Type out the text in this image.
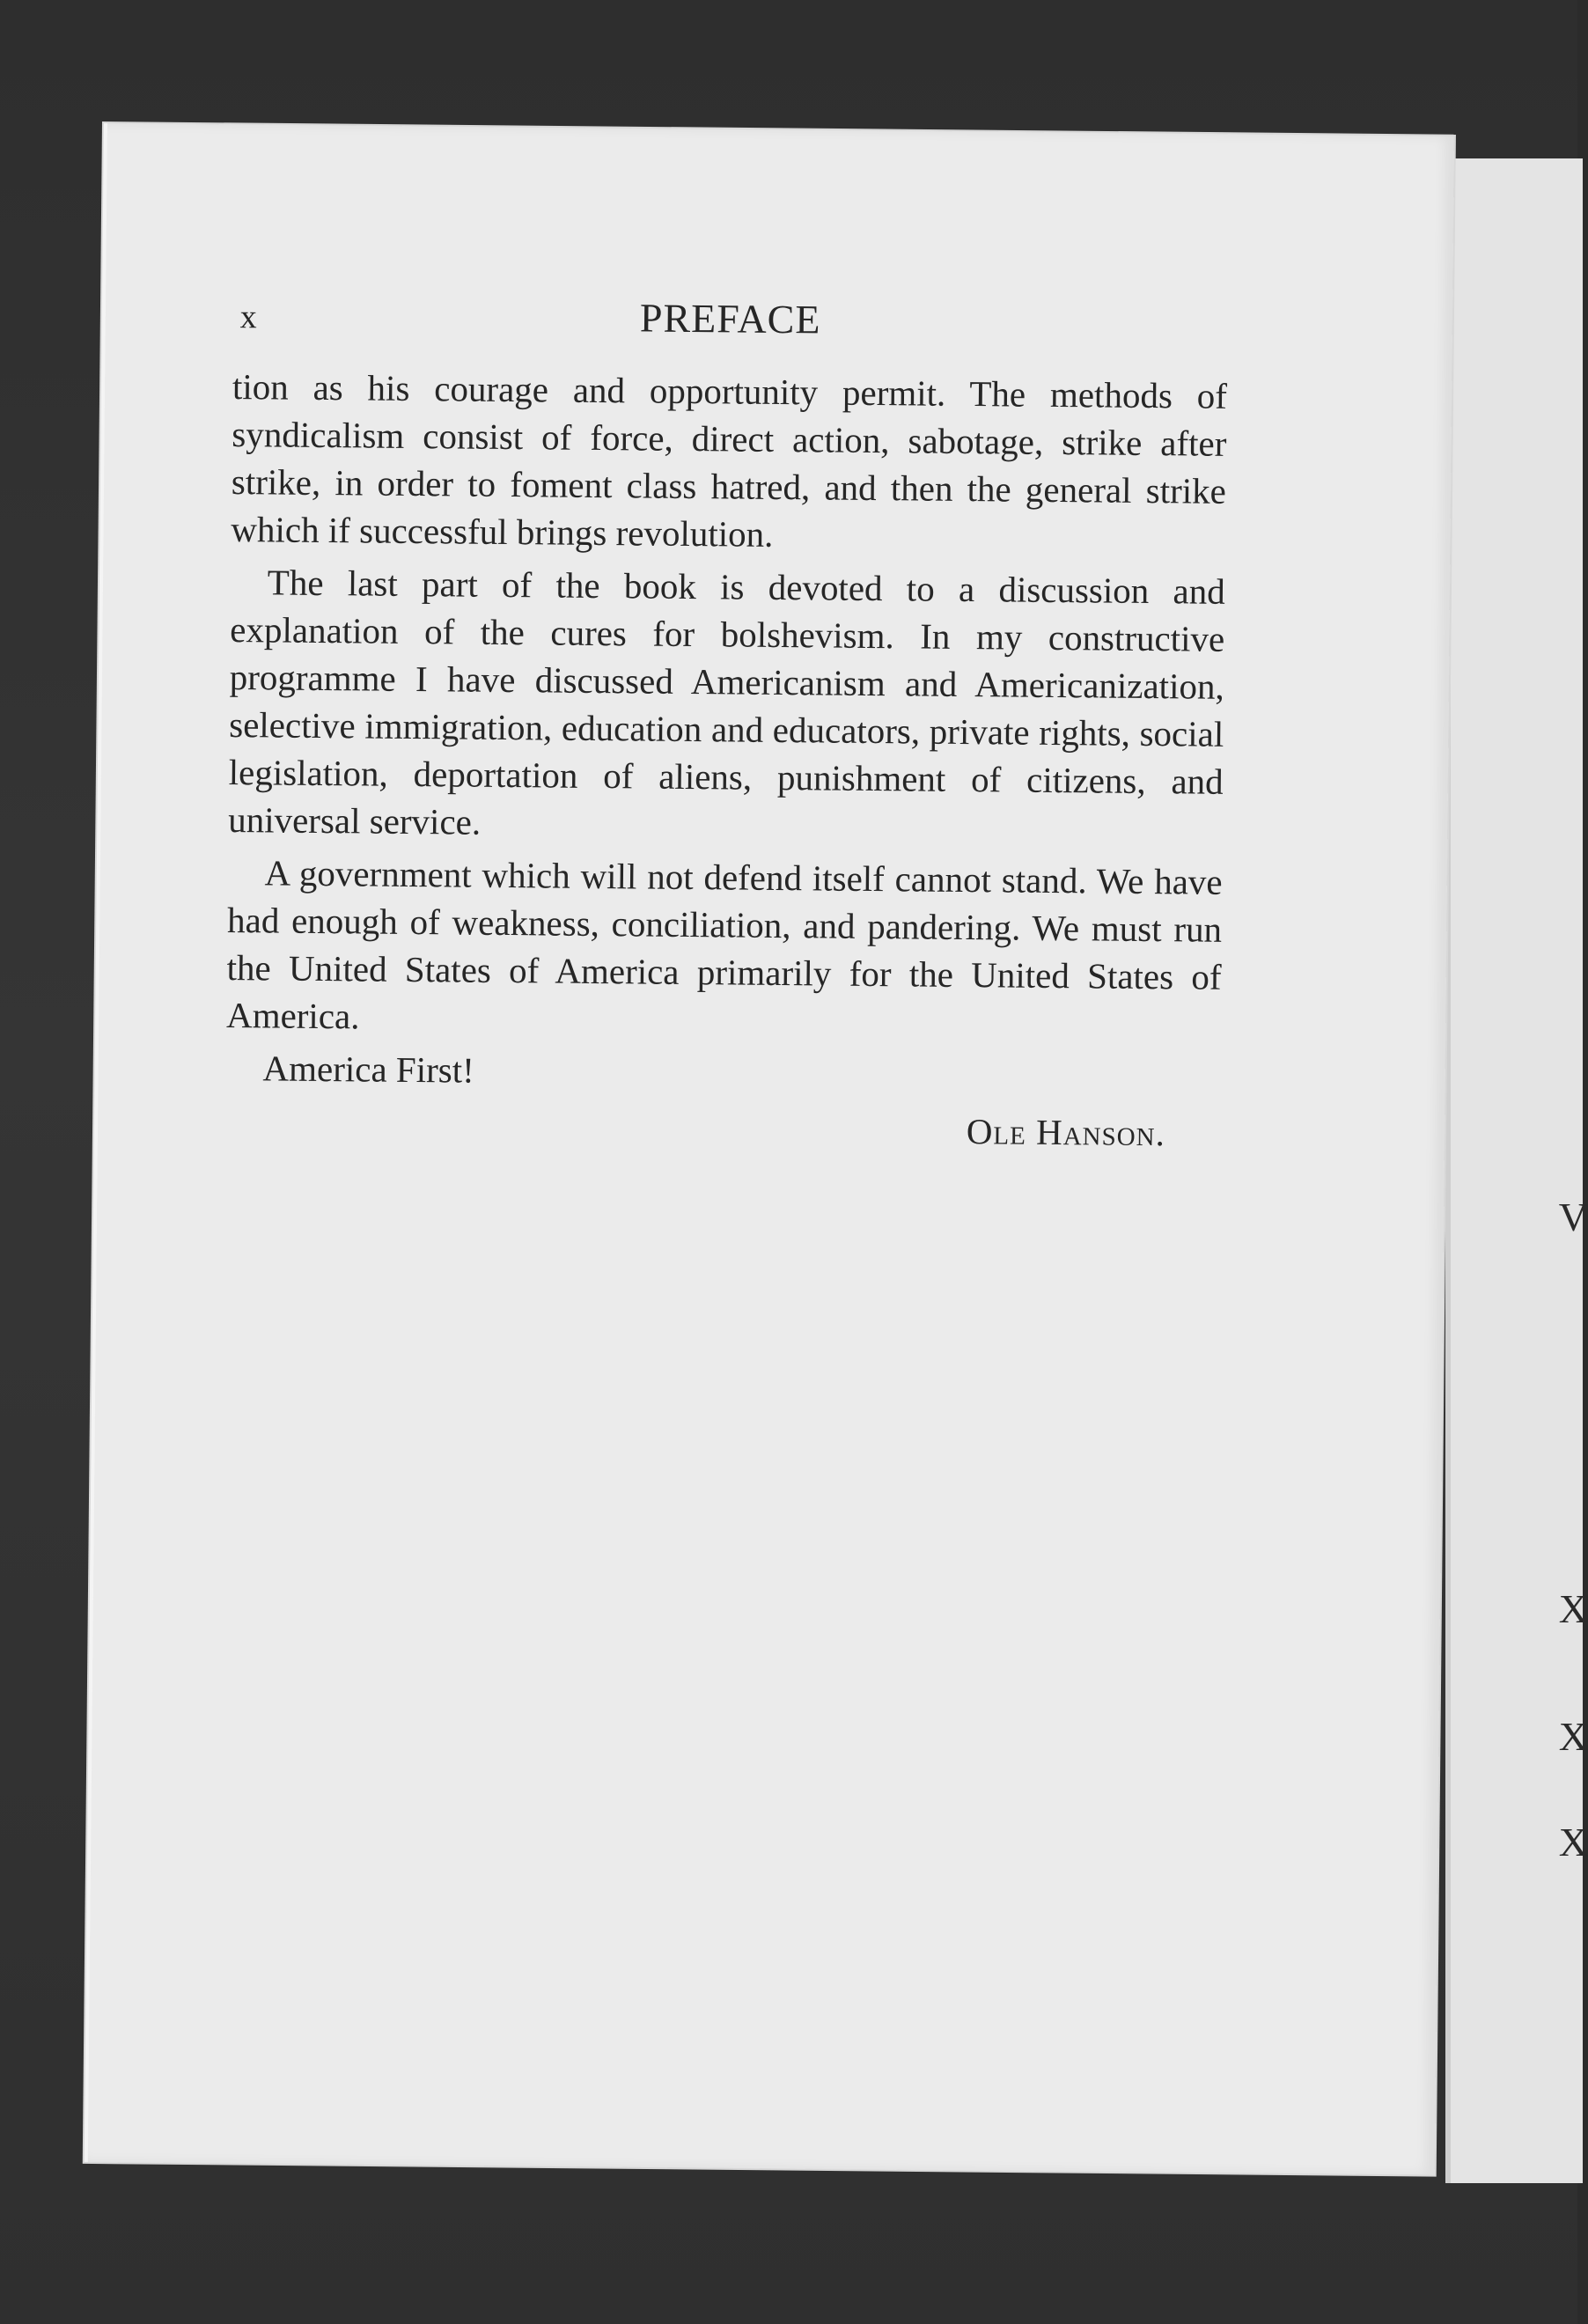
V
X
X
X
x	PREFACE

tion as his courage and opportunity permit. The methods of syndicalism consist of force, direct action, sabotage, strike after strike, in order to foment class hatred, and then the general strike which if successful brings revolution.

The last part of the book is devoted to a discussion and explanation of the cures for bolshevism. In my constructive programme I have discussed Americanism and Americanization, selective immigration, education and educators, private rights, social legislation, deportation of aliens, punishment of citizens, and universal service.

A government which will not defend itself cannot stand. We have had enough of weakness, conciliation, and pandering. We must run the United States of America primarily for the United States of America.

America First!

Ole Hanson.
